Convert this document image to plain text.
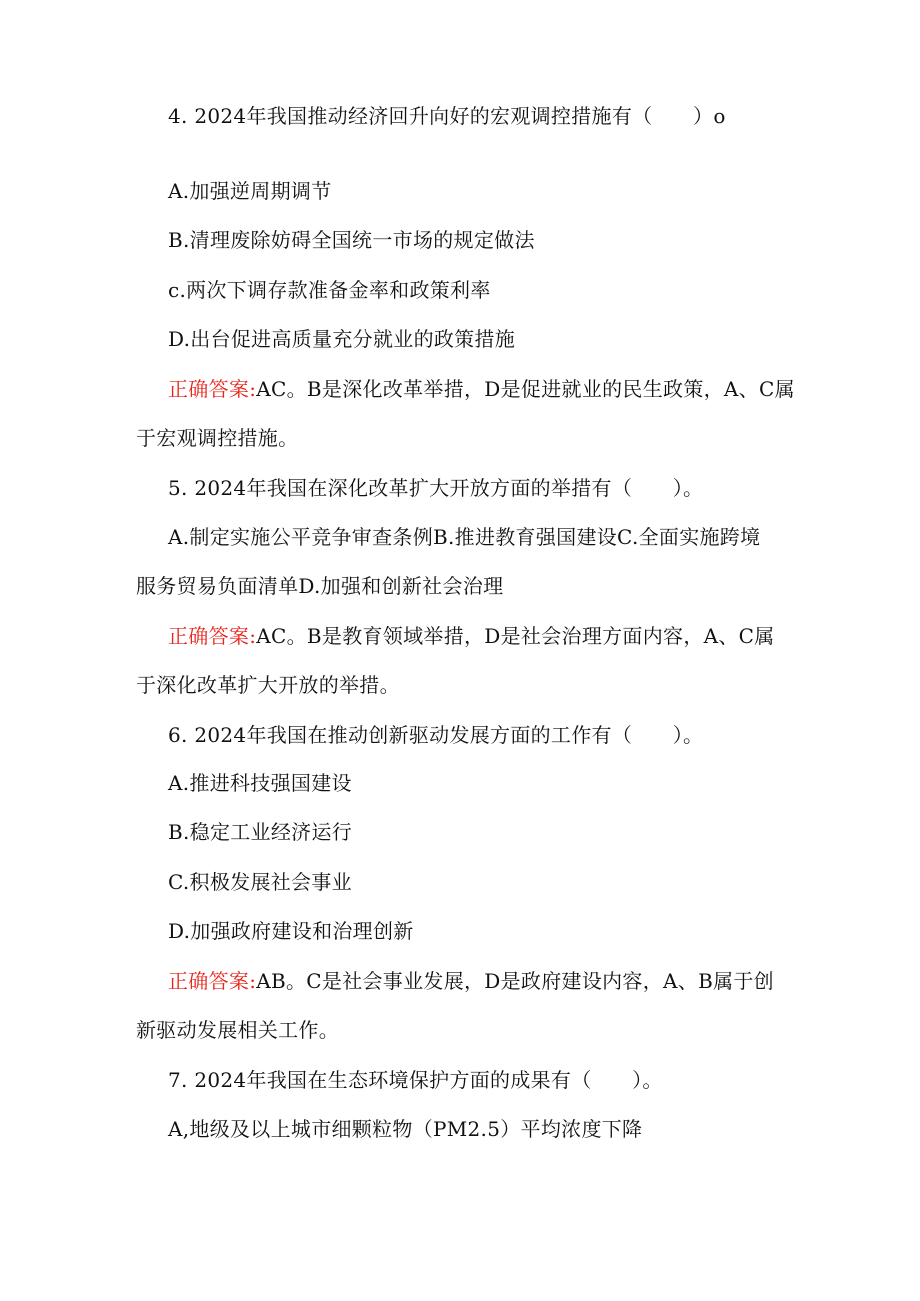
4. 2024年我国推动经济回升向好的宏观调控措施有（　　）o
A.加强逆周期调节
B.清理废除妨碍全国统一市场的规定做法
c.两次下调存款准备金率和政策利率
D.出台促进高质量充分就业的政策措施
正确答案:AC。B是深化改革举措，D是促进就业的民生政策，A、C属
于宏观调控措施。
5. 2024年我国在深化改革扩大开放方面的举措有（　　）。
A.制定实施公平竞争审查条例B.推进教育强国建设C.全面实施跨境
服务贸易负面清单D.加强和创新社会治理
正确答案:AC。B是教育领域举措，D是社会治理方面内容，A、C属
于深化改革扩大开放的举措。
6. 2024年我国在推动创新驱动发展方面的工作有（　　）。
A.推进科技强国建设
B.稳定工业经济运行
C.积极发展社会事业
D.加强政府建设和治理创新
正确答案:AB。C是社会事业发展，D是政府建设内容，A、B属于创
新驱动发展相关工作。
7. 2024年我国在生态环境保护方面的成果有（　　）。
A,地级及以上城市细颗粒物（PM2.5）平均浓度下降
